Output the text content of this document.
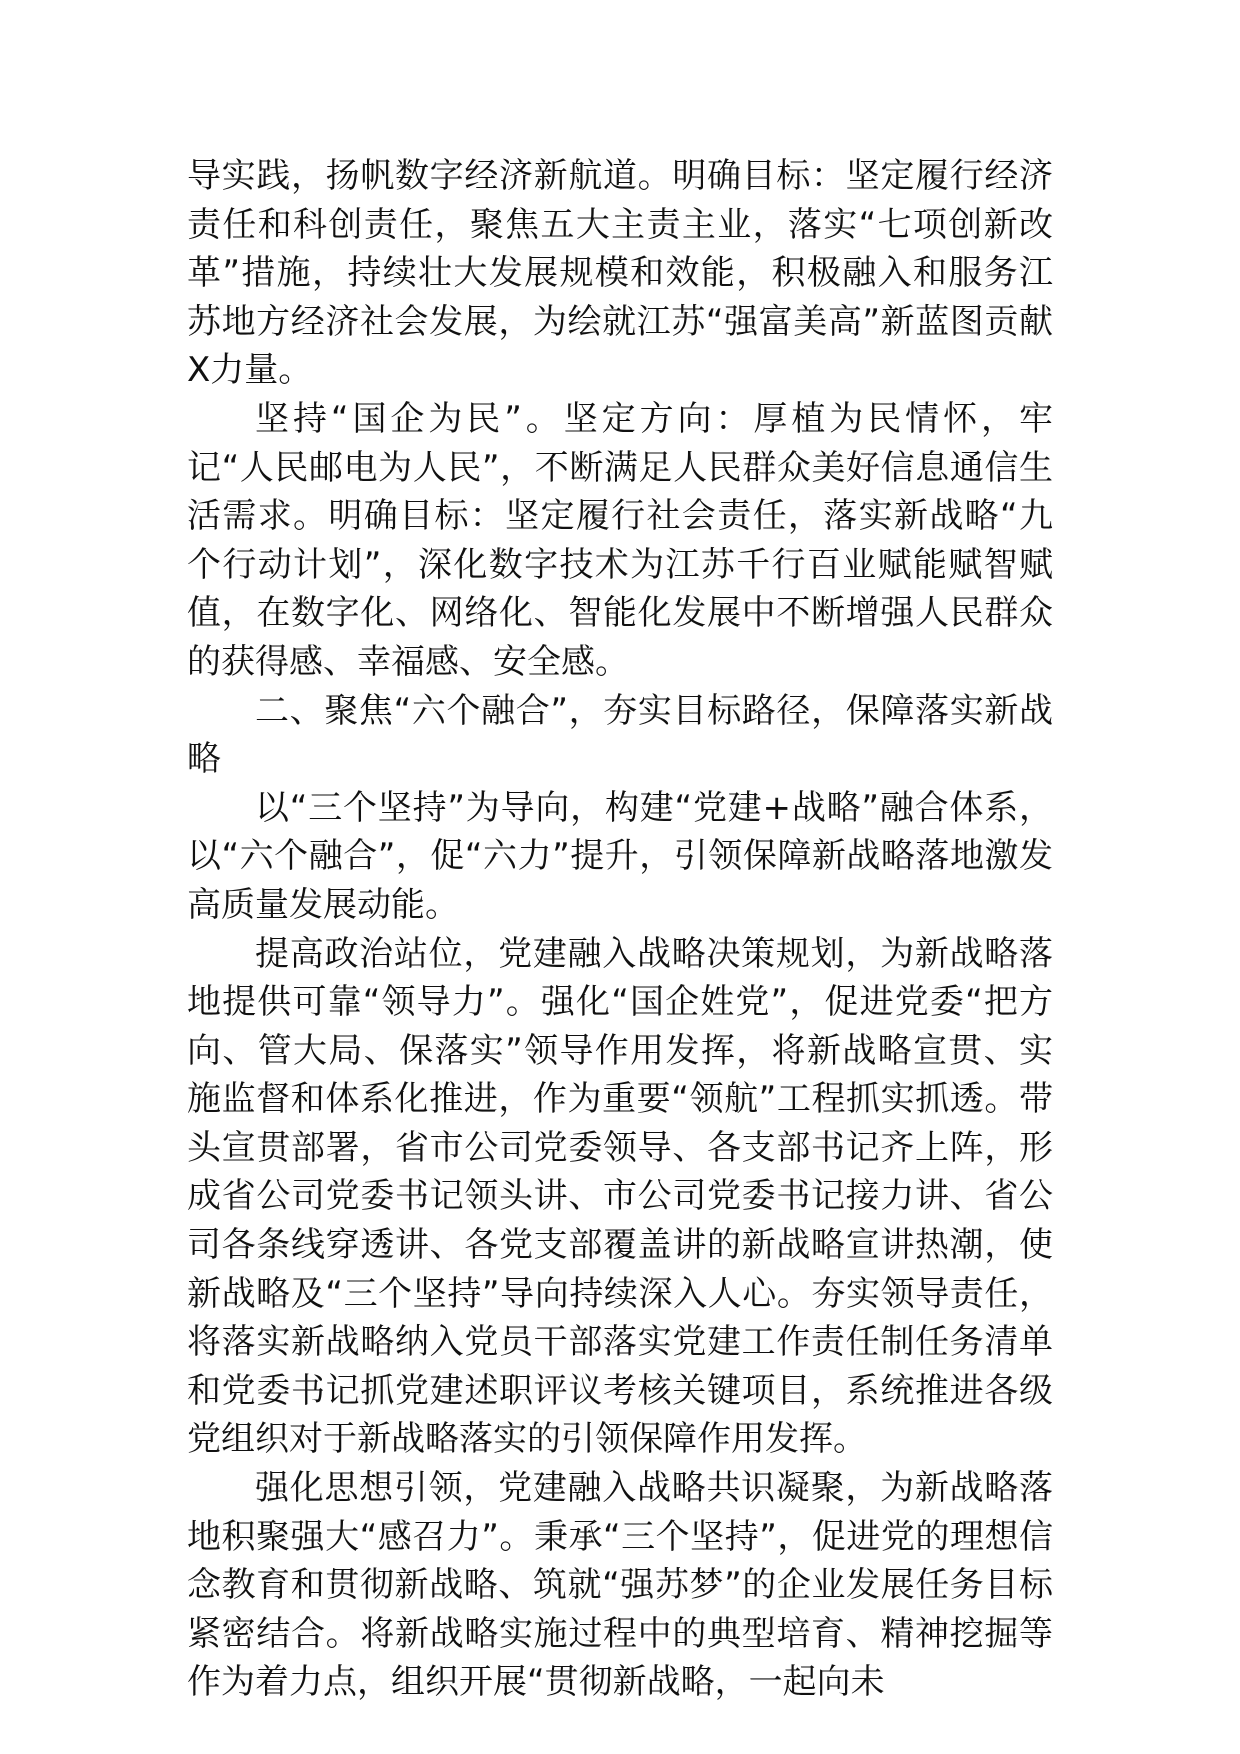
导实践，扬帆数字经济新航道。明确目标：坚定履行经济责任和科创责任，聚焦五大主责主业，落实“七项创新改革”措施，持续壮大发展规模和效能，积极融入和服务江苏地方经济社会发展，为绘就江苏“强富美高”新蓝图贡献X力量。

坚持“国企为民”。坚定方向：厚植为民情怀，牢记“人民邮电为人民”，不断满足人民群众美好信息通信生活需求。明确目标：坚定履行社会责任，落实新战略“九个行动计划”，深化数字技术为江苏千行百业赋能赋智赋值，在数字化、网络化、智能化发展中不断增强人民群众的获得感、幸福感、安全感。

二、聚焦“六个融合”，夯实目标路径，保障落实新战略

以“三个坚持”为导向，构建“党建+战略”融合体系，以“六个融合”，促“六力”提升，引领保障新战略落地激发高质量发展动能。

提高政治站位，党建融入战略决策规划，为新战略落地提供可靠“领导力”。强化“国企姓党”，促进党委“把方向、管大局、保落实”领导作用发挥，将新战略宣贯、实施监督和体系化推进，作为重要“领航”工程抓实抓透。带头宣贯部署，省市公司党委领导、各支部书记齐上阵，形成省公司党委书记领头讲、市公司党委书记接力讲、省公司各条线穿透讲、各党支部覆盖讲的新战略宣讲热潮，使新战略及“三个坚持”导向持续深入人心。夯实领导责任，将落实新战略纳入党员干部落实党建工作责任制任务清单和党委书记抓党建述职评议考核关键项目，系统推进各级党组织对于新战略落实的引领保障作用发挥。

强化思想引领，党建融入战略共识凝聚，为新战略落地积聚强大“感召力”。秉承“三个坚持”，促进党的理想信念教育和贯彻新战略、筑就“强苏梦”的企业发展任务目标紧密结合。将新战略实施过程中的典型培育、精神挖掘等作为着力点，组织开展“贯彻新战略，一起向未
